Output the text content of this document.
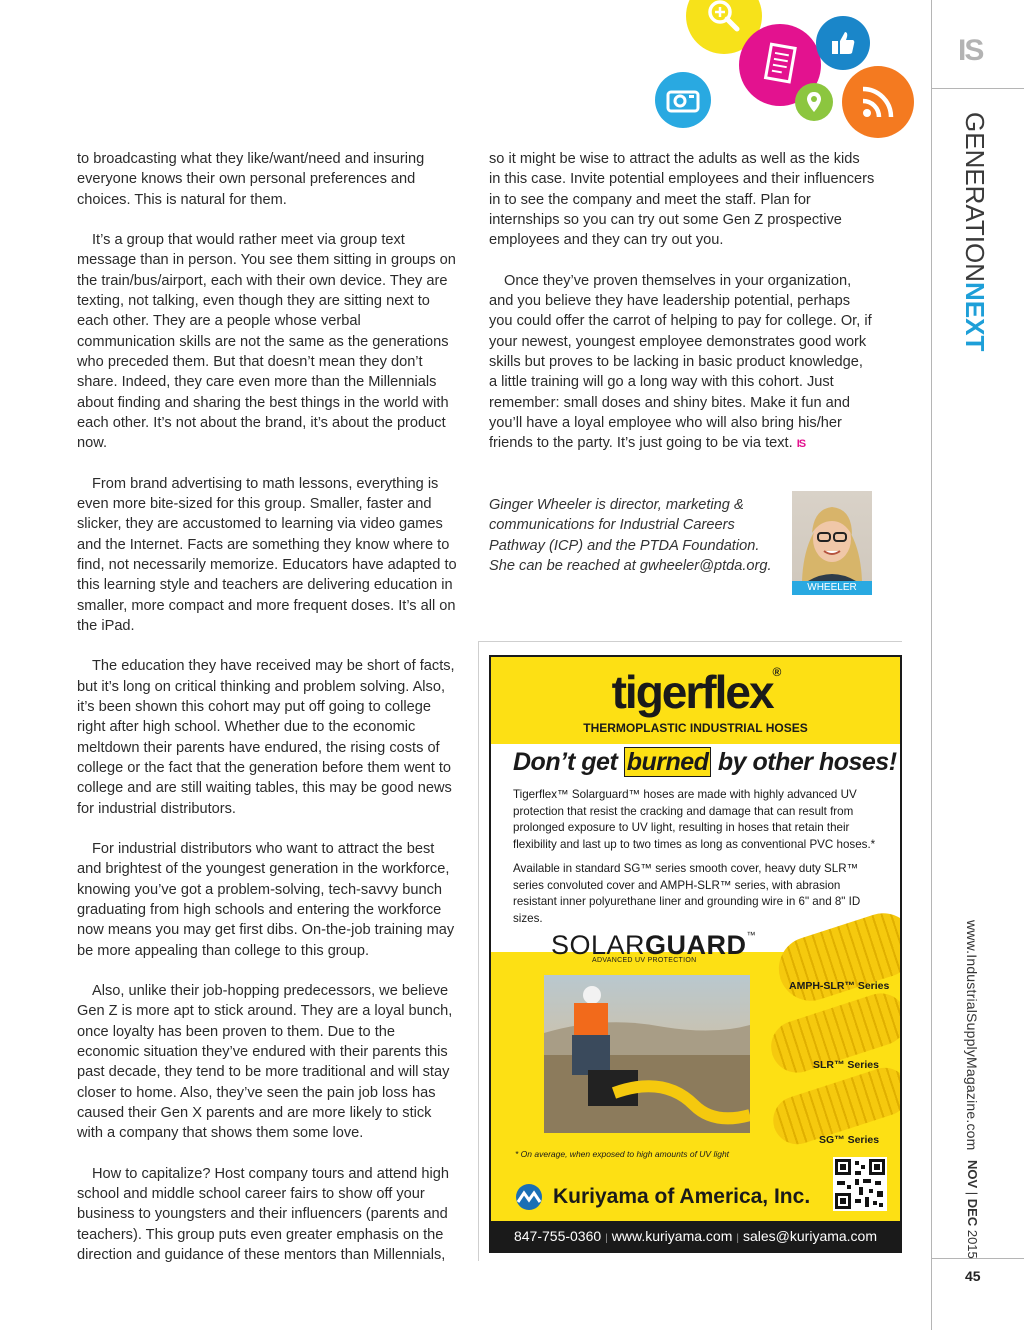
IS
GENERATIONNEXT
www.IndustrialSupplyMagazine.com
NOV | DEC 2015
45

to broadcasting what they like/want/need and insuring everyone knows their own personal preferences and choices. This is natural for them.

It’s a group that would rather meet via group text message than in person. You see them sitting in groups on the train/bus/airport, each with their own device. They are texting, not talking, even though they are sitting next to each other. They are a people whose verbal communication skills are not the same as the generations who preceded them. But that doesn’t mean they don’t share. Indeed, they care even more than the Millennials about finding and sharing the best things in the world with each other. It’s not about the brand, it’s about the product now.

From brand advertising to math lessons, everything is even more bite-sized for this group. Smaller, faster and slicker, they are accustomed to learning via video games and the Internet. Facts are something they know where to find, not necessarily memorize. Educators have adapted to this learning style and teachers are delivering education in smaller, more compact and more frequent doses. It’s all on the iPad.

The education they have received may be short of facts, but it’s long on critical thinking and problem solving. Also, it’s been shown this cohort may put off going to college right after high school. Whether due to the economic meltdown their parents have endured, the rising costs of college or the fact that the generation before them went to college and are still waiting tables, this may be good news for industrial distributors.

For industrial distributors who want to attract the best and brightest of the youngest generation in the workforce, knowing you’ve got a problem-solving, tech-savvy bunch graduating from high schools and entering the workforce now means you may get first dibs. On-the-job training may be more appealing than college to this group.

Also, unlike their job-hopping predecessors, we believe Gen Z is more apt to stick around. They are a loyal bunch, once loyalty has been proven to them. Due to the economic situation they’ve endured with their parents this past decade, they tend to be more traditional and will stay closer to home. Also, they’ve seen the pain job loss has caused their Gen X parents and are more likely to stick with a company that shows them some love.

How to capitalize? Host company tours and attend high school and middle school career fairs to show off your business to youngsters and their influencers (parents and teachers). This group puts even greater emphasis on the direction and guidance of these mentors than Millennials,

so it might be wise to attract the adults as well as the kids in this case. Invite potential employees and their influencers in to see the company and meet the staff. Plan for internships so you can try out some Gen Z prospective employees and they can try out you.

Once they’ve proven themselves in your organization, and you believe they have leadership potential, perhaps you could offer the carrot of helping to pay for college. Or, if your newest, youngest employee demonstrates good work skills but proves to be lacking in basic product knowledge, a little training will go a long way with this cohort. Just remember: small doses and shiny bites. Make it fun and you’ll have a loyal employee who will also bring his/her friends to the party. It’s just going to be via text. IS

Ginger Wheeler is director, marketing & communications for Industrial Careers Pathway (ICP) and the PTDA Foundation. She can be reached at gwheeler@ptda.org.
WHEELER
tigerflex®
THERMOPLASTIC INDUSTRIAL HOSES
Don’t get burned by other hoses!

Tigerflex™ Solarguard™ hoses are made with highly advanced UV protection that resist the cracking and damage that can result from prolonged exposure to UV light, resulting in hoses that retain their flexibility and last up to two times as long as conventional PVC hoses.*

Available in standard SG™ series smooth cover, heavy duty SLR™ series convoluted cover and AMPH-SLR™ series, with abrasion resistant inner polyurethane liner and grounding wire in 6" and 8" ID sizes.

SOLARGUARD™
ADVANCED UV PROTECTION
AMPH-SLR™ Series
SLR™ Series
SG™ Series
* On average, when exposed to high amounts of UV light
Kuriyama of America, Inc.
847-755-0360 | www.kuriyama.com | sales@kuriyama.com
